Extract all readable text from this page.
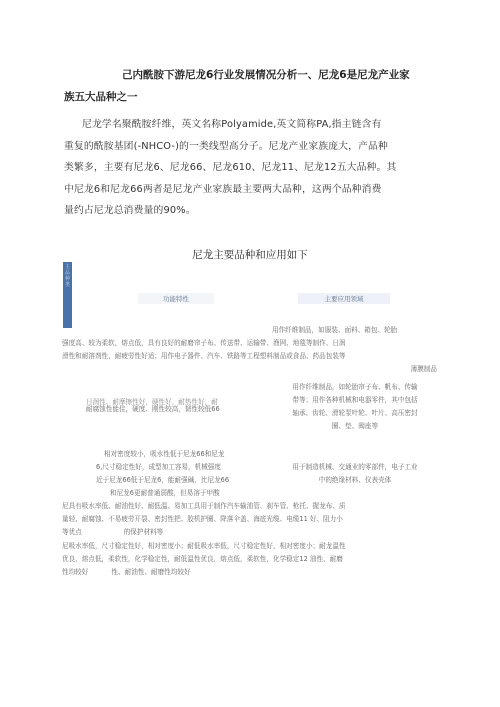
己内酰胺下游尼龙6行业发展情况分析一、尼龙6是尼龙产业家
族五大品种之一

尼龙学名聚酰胺纤维，英文名称Polyamide,英文简称PA,指主链含有

重复的酰胺基团(-NHCO-)的一类线型高分子。尼龙产业家族庞大，产品种

类繁多，主要有尼龙6、尼龙66、尼龙610、尼龙11、尼龙12五大品种。其

中尼龙6和尼龙66两者是尼龙产业家族最主要两大品种，这两个品种消费

量约占尼龙总消费量的90%。

尼龙主要品种和应用如下
主
品
种
类
功能特性	主要应用领域
用作纤维制品，如服装、面料、箱包、轮胎
强度高、较为柔软，熔点低，具有良好的耐磨帘子布、传送带、运输带、渔网、地毯等制作、日润
滑性和耐溶剂性，耐疲劳性好适；用作电子器件、汽车、铁路等工程塑料制品或食品、药品包装等
薄膜制品
日润性、耐摩擦性好，硬性好，耐热性好，耐
耐腐蚀性能佳，硬度、刚性较高，韧性较低66
用作纤维制品，如轮胎帘子布、帆布、传输
带等；用作各种机械和电器零件，其中包括
轴承、齿轮、滑轮泵叶轮、叶片、高压密封
圈、垫、阀座等
相对密度较小，吸水性低于尼龙66和尼龙
6,尺寸稳定性好，成型加工容易，机械强度
近于尼龙66低于尼龙6，能耐强碱，比尼龙66
和尼龙6更耐普通弱酸，但易溶于甲酸
用于制造机械、交通业的零部件，电子工业
中的绝缘材料、仪表壳体
尼具有吸水率低、耐油性好、耐低温、易加工具用于制作汽车输油管、刹车管、枪托、握龙布、质
量轻、耐腐蚀、不易疲劳开裂、密封性把、胶机护圈、降落伞盖、海底光缆、电缆11 好、阻力小
等优点                    的保护材料等
尼吸水率低，尺寸稳定性好，相对密度小；耐低吸水率低，尺寸稳定性好，相对密度小；耐龙温性
优良，熔点低，柔软性，化学稳定性，耐低温性优良，熔点低，柔软性，化学稳定12 油性、耐磨
性均较好           性、耐油性、耐磨性均较好
